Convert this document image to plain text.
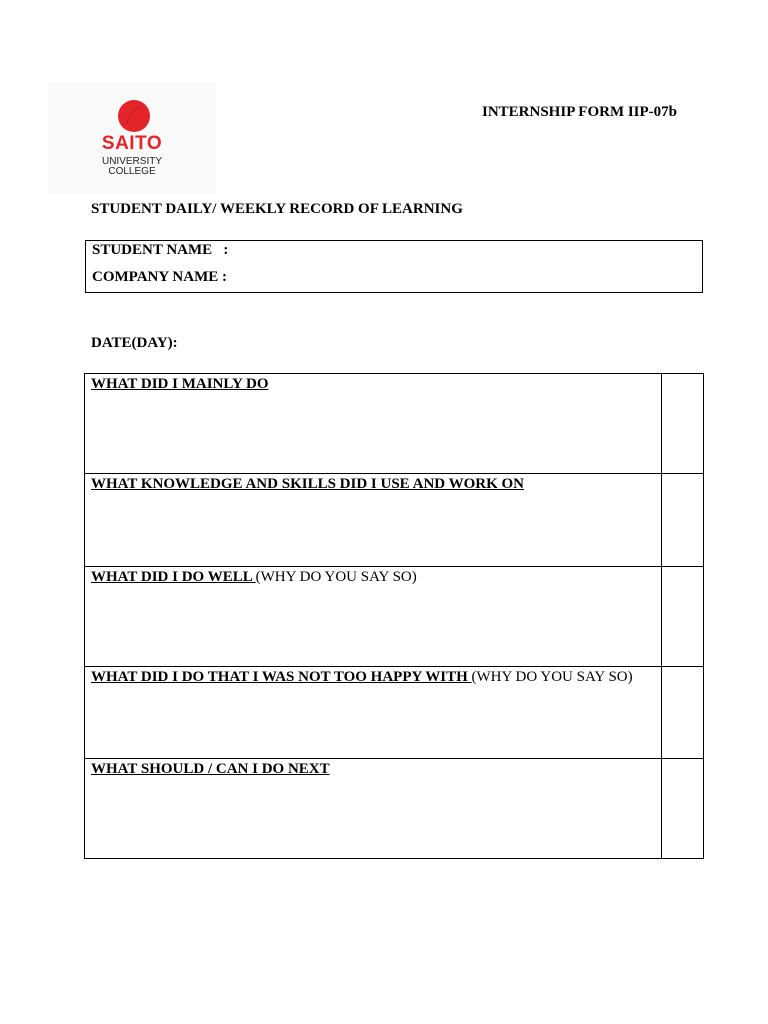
SAITO
UNIVERSITY
COLLEGE
INTERNSHIP FORM IIP-07b
STUDENT DAILY/ WEEKLY RECORD OF LEARNING
STUDENT NAME   :
COMPANY NAME :
DATE(DAY):
WHAT DID I MAINLY DO	

WHAT KNOWLEDGE AND SKILLS DID I USE AND WORK ON	

WHAT DID I DO WELL (WHY DO YOU SAY SO)	

WHAT DID I DO THAT I WAS NOT TOO HAPPY WITH (WHY DO YOU SAY SO)	

WHAT SHOULD / CAN I DO NEXT	
